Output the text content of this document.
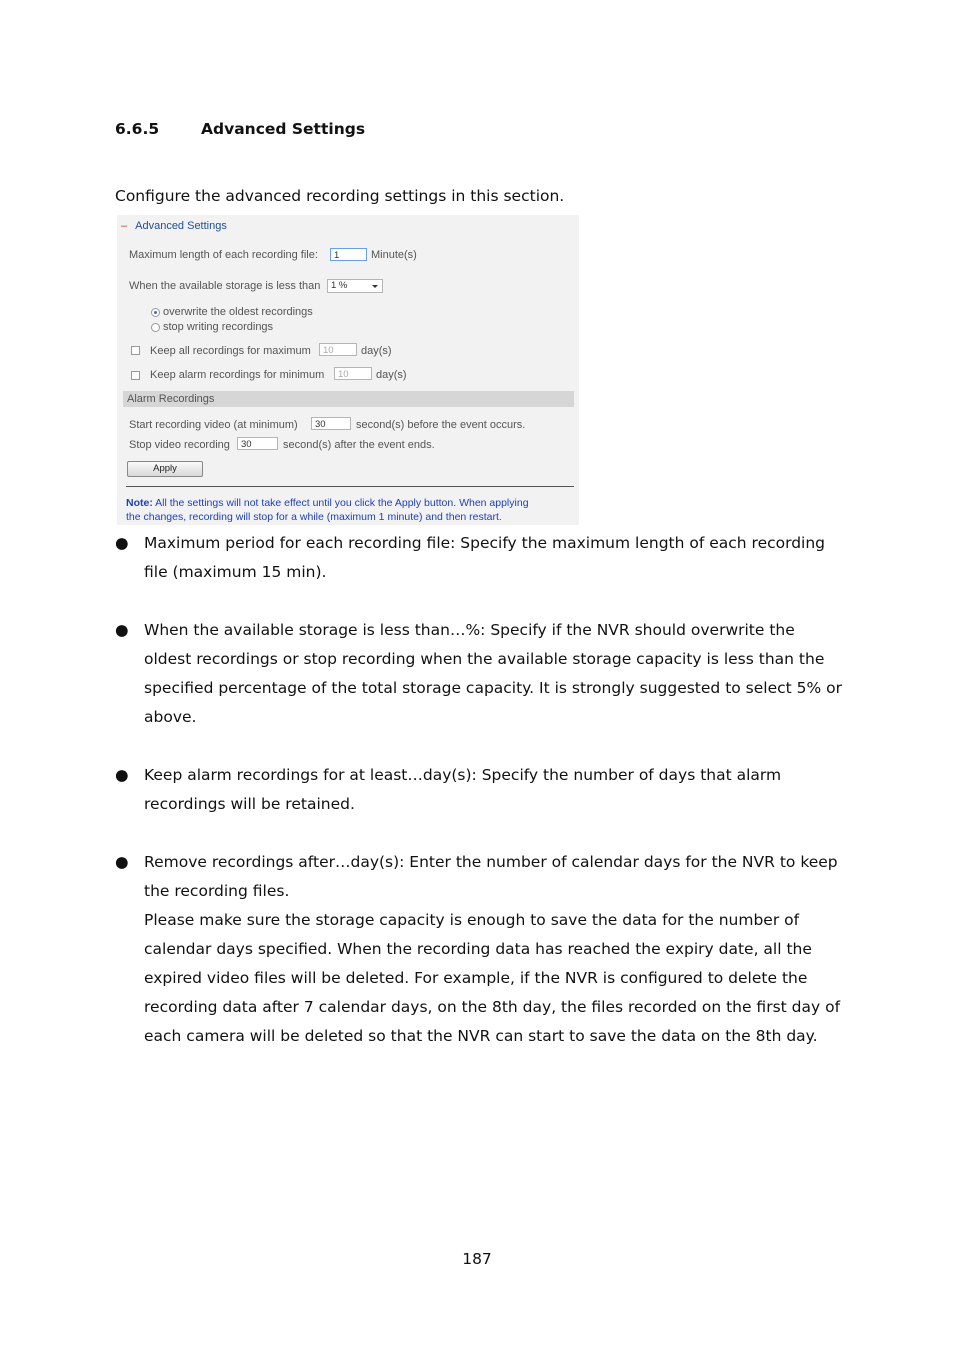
6.6.5	Advanced Settings
Configure the advanced recording settings in this section.
– Advanced Settings
Maximum length of each recording file:	1	Minute(s)
When the available storage is less than	1 %
overwrite the oldest recordings
stop writing recordings
Keep all recordings for maximum	10	day(s)
Keep alarm recordings for minimum	10	day(s)
Alarm Recordings
Start recording video (at minimum)	30	second(s) before the event occurs.
Stop video recording	30	second(s) after the event ends.
Apply
Note: All the settings will not take effect until you click the Apply button. When applying
the changes, recording will stop for a while (maximum 1 minute) and then restart.
● Maximum period for each recording file: Specify the maximum length of each recording file (maximum 15 min).

● When the available storage is less than…%: Specify if the NVR should overwrite the oldest recordings or stop recording when the available storage capacity is less than the specified percentage of the total storage capacity. It is strongly suggested to select 5% or above.

● Keep alarm recordings for at least…day(s): Specify the number of days that alarm recordings will be retained.

● Remove recordings after…day(s): Enter the number of calendar days for the NVR to keep the recording files.

Please make sure the storage capacity is enough to save the data for the number of calendar days specified. When the recording data has reached the expiry date, all the expired video files will be deleted. For example, if the NVR is configured to delete the recording data after 7 calendar days, on the 8th day, the files recorded on the first day of each camera will be deleted so that the NVR can start to save the data on the 8th day.

187
